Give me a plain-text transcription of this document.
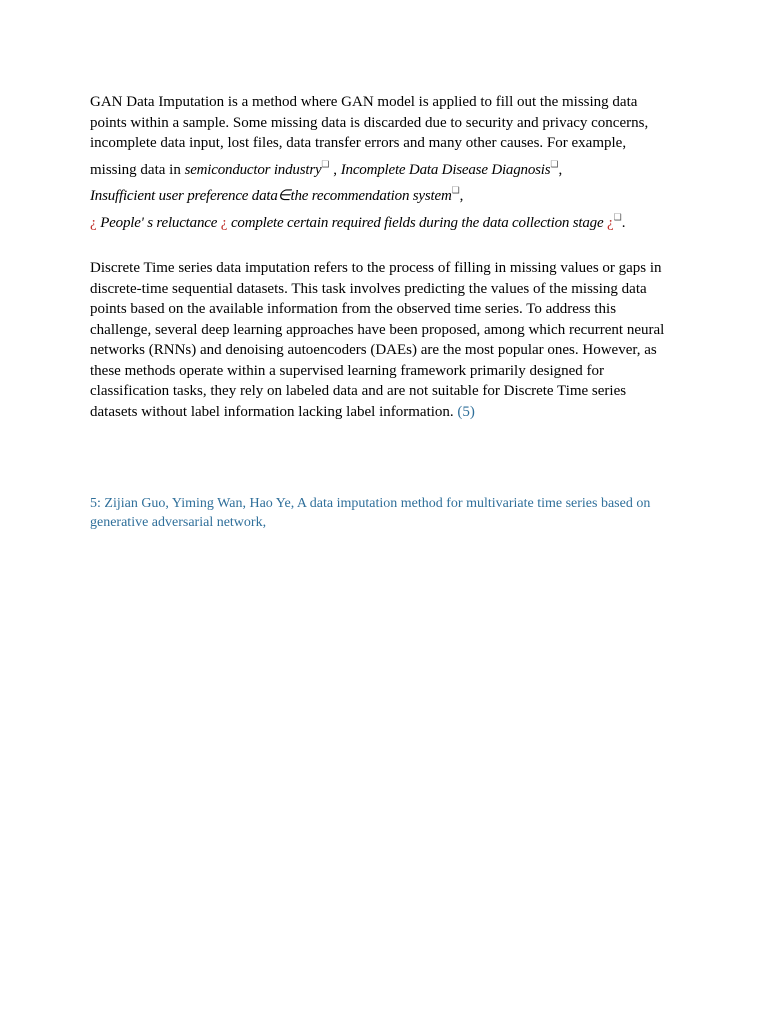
GAN Data Imputation is a method where GAN model is applied to fill out the missing data
points within a sample. Some missing data is discarded due to security and privacy concerns,
incomplete data input, lost files, data transfer errors and many other causes. For example,
missing data in semiconductor industry❏ , Incomplete Data Disease Diagnosis❏,
Insufficient user preference data∈the recommendation system❏,
¿ People' s reluctance ¿ complete certain required fields during the data collection stage ¿❑.

Discrete Time series data imputation refers to the process of filling in missing values or gaps in discrete-time sequential datasets. This task involves predicting the values of the missing data points based on the available information from the observed time series. To address this challenge, several deep learning approaches have been proposed, among which recurrent neural networks (RNNs) and denoising autoencoders (DAEs) are the most popular ones. However, as these methods operate within a supervised learning framework primarily designed for classification tasks, they rely on labeled data and are not suitable for Discrete Time series datasets without label information lacking label information. (5)

5: Zijian Guo, Yiming Wan, Hao Ye, A data imputation method for multivariate time series based on generative adversarial network,
